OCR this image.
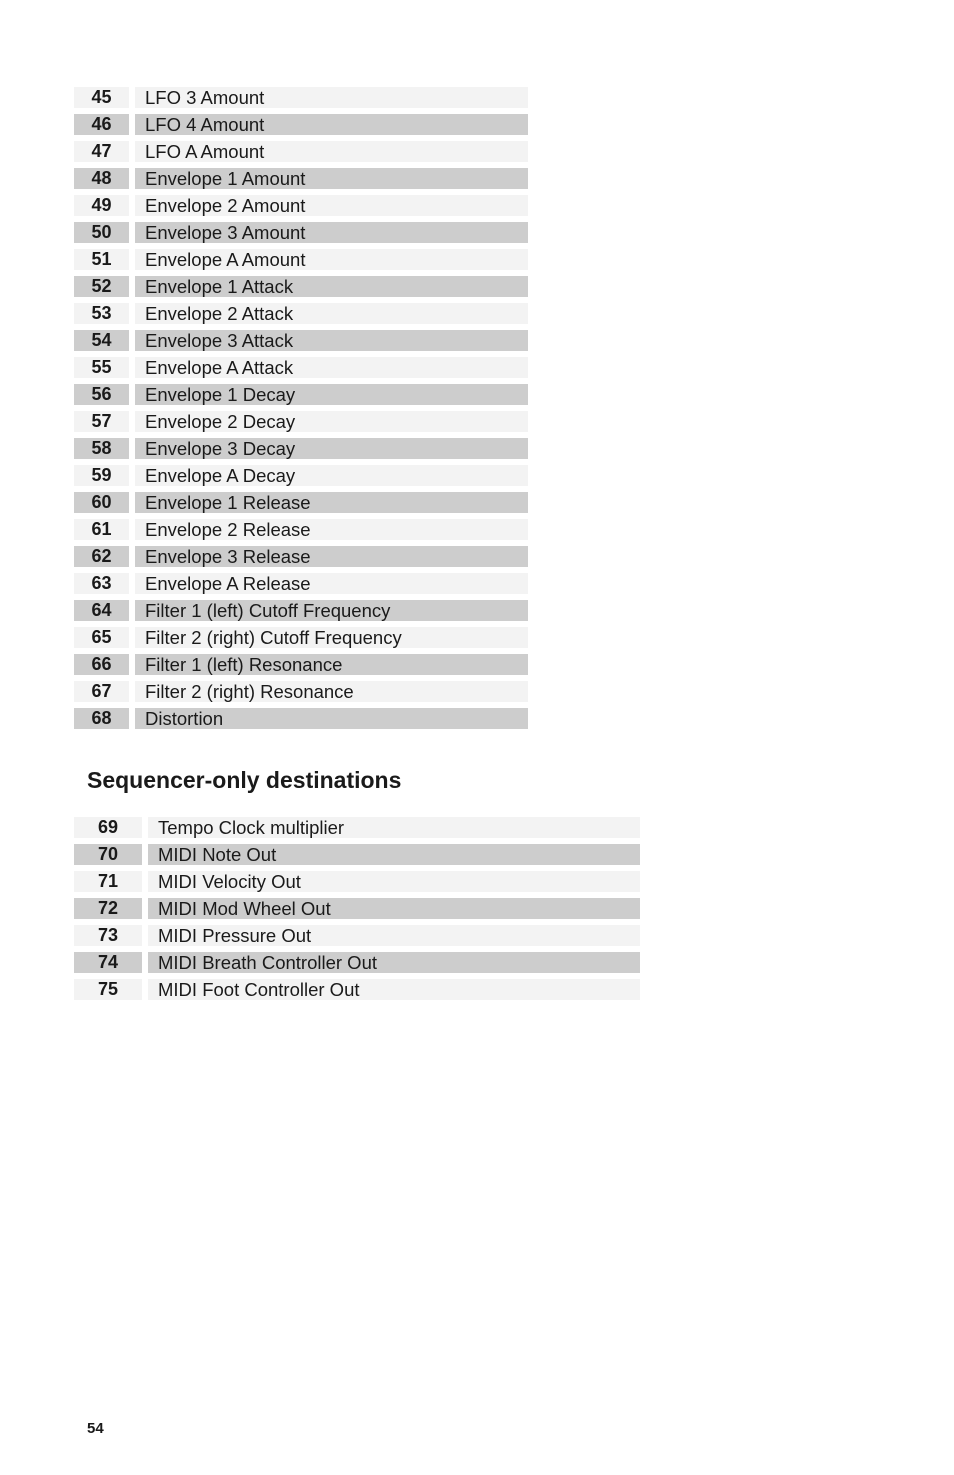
45	LFO 3 Amount
46	LFO 4 Amount
47	LFO A Amount
48	Envelope 1 Amount
49	Envelope 2 Amount
50	Envelope 3 Amount
51	Envelope A Amount
52	Envelope 1 Attack
53	Envelope 2 Attack
54	Envelope 3 Attack
55	Envelope A Attack
56	Envelope 1 Decay
57	Envelope 2 Decay
58	Envelope 3 Decay
59	Envelope A Decay
60	Envelope 1 Release
61	Envelope 2 Release
62	Envelope 3 Release
63	Envelope A Release
64	Filter 1 (left) Cutoff Frequency
65	Filter 2 (right) Cutoff Frequency
66	Filter 1 (left) Resonance
67	Filter 2 (right) Resonance
68	Distortion
Sequencer-only destinations
69	Tempo Clock multiplier
70	MIDI Note Out
71	MIDI Velocity Out
72	MIDI Mod Wheel Out
73	MIDI Pressure Out
74	MIDI Breath Controller Out
75	MIDI Foot Controller Out
54
